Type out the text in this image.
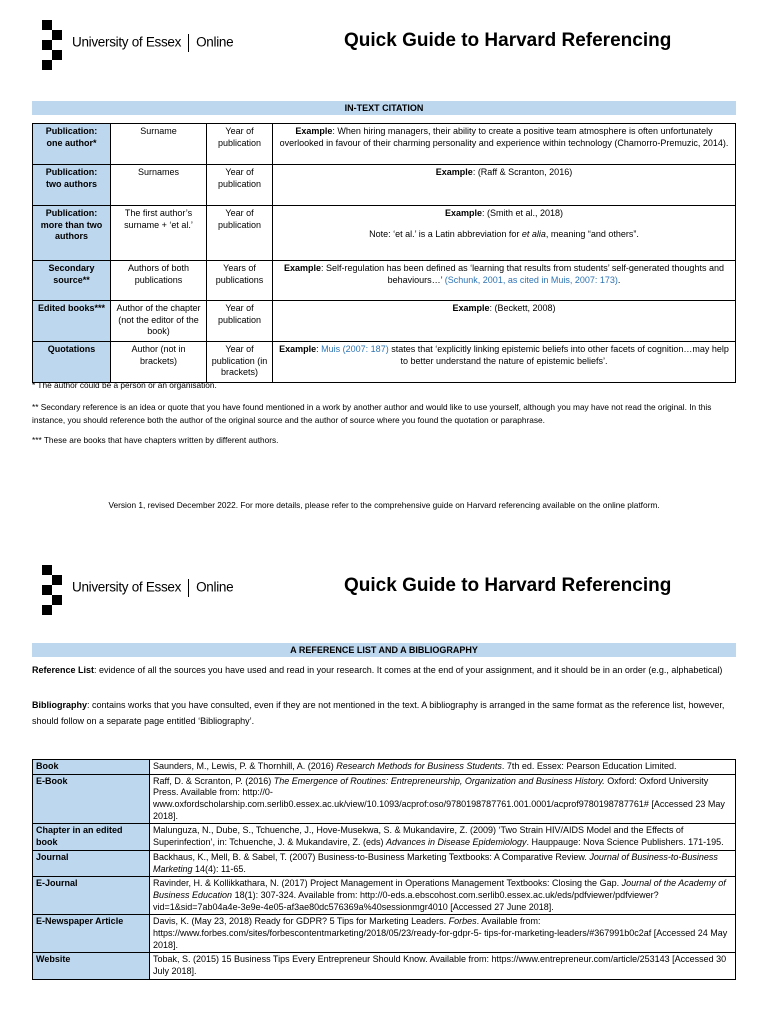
University of Essex Online	Quick Guide to Harvard Referencing
IN-TEXT CITATION
Publication: one author*	Surname	Year of publication	Example: When hiring managers, their ability to create a positive team atmosphere is often unfortunately overlooked in favour of their charming personality and experience within technology (Chamorro-Premuzic, 2014).
Publication: two authors	Surnames	Year of publication	Example: (Raff & Scranton, 2016)
Publication: more than two authors	The first author’s surname + ‘et al.’	Year of publication	Example: (Smith et al., 2018)
Note: ‘et al.’ is a Latin abbreviation for et alia, meaning “and others”.

Secondary source**	Authors of both publications	Years of publications	Example: Self-regulation has been defined as ‘learning that results from students’ self-generated thoughts and behaviours…’ (Schunk, 2001, as cited in Muis, 2007: 173).
Edited books***	Author of the chapter (not the editor of the book)	Year of publication	Example: (Beckett, 2008)
Quotations	Author (not in brackets)	Year of publication (in brackets)	Example: Muis (2007: 187) states that ‘explicitly linking epistemic beliefs into other facets of cognition…may help to better understand the nature of epistemic beliefs’.
* The author could be a person or an organisation.
** Secondary reference is an idea or quote that you have found mentioned in a work by another author and would like to use yourself, although you may have not read the original. In this instance, you should reference both the author of the original source and the author of source where you found the quotation or paraphrase.
*** These are books that have chapters written by different authors.
Version 1, revised December 2022. For more details, please refer to the comprehensive guide on Harvard referencing available on the online platform.
University of Essex Online	Quick Guide to Harvard Referencing
A REFERENCE LIST AND A BIBLIOGRAPHY
Reference List: evidence of all the sources you have used and read in your research. It comes at the end of your assignment, and it should be in an order (e.g., alphabetical)
Bibliography: contains works that you have consulted, even if they are not mentioned in the text. A bibliography is arranged in the same format as the reference list, however, should follow on a separate page entitled ‘Bibliography’.
Book	Saunders, M., Lewis, P. & Thornhill, A. (2016) Research Methods for Business Students. 7th ed. Essex: Pearson Education Limited.
E-Book	Raff, D. & Scranton, P. (2016) The Emergence of Routines: Entrepreneurship, Organization and Business History. Oxford: Oxford University Press. Available from: http://0-www.oxfordscholarship.com.serlib0.essex.ac.uk/view/10.1093/acprof:oso/9780198787761.001.0001/acprof9780198787761# [Accessed 23 May 2018].
Chapter in an edited book	Malunguza, N., Dube, S., Tchuenche, J., Hove-Musekwa, S. & Mukandavire, Z. (2009) ‘Two Strain HIV/AIDS Model and the Effects of Superinfection’, in: Tchuenche, J. & Mukandavire, Z. (eds) Advances in Disease Epidemiology. Hauppauge: Nova Science Publishers. 171-195.
Journal	Backhaus, K., Mell, B. & Sabel, T. (2007) Business-to-Business Marketing Textbooks: A Comparative Review. Journal of Business-to-Business Marketing 14(4): 11-65.
E-Journal	Ravinder, H. & Kollikkathara, N. (2017) Project Management in Operations Management Textbooks: Closing the Gap. Journal of the Academy of Business Education 18(1): 307-324. Available from: http://0-eds.a.ebscohost.com.serlib0.essex.ac.uk/eds/pdfviewer/pdfviewer?vid=1&sid=7ab04a4e-3e9e-4e05-af3ae80dc576369a%40sessionmgr4010 [Accessed 27 June 2018].
E-Newspaper Article	Davis, K. (May 23, 2018) Ready for GDPR? 5 Tips for Marketing Leaders. Forbes. Available from: https://www.forbes.com/sites/forbescontentmarketing/2018/05/23/ready-for-gdpr-5- tips-for-marketing-leaders/#367991b0c2af [Accessed 24 May 2018].
Website	Tobak, S. (2015) 15 Business Tips Every Entrepreneur Should Know. Available from: https://www.entrepreneur.com/article/253143 [Accessed 30 July 2018].
